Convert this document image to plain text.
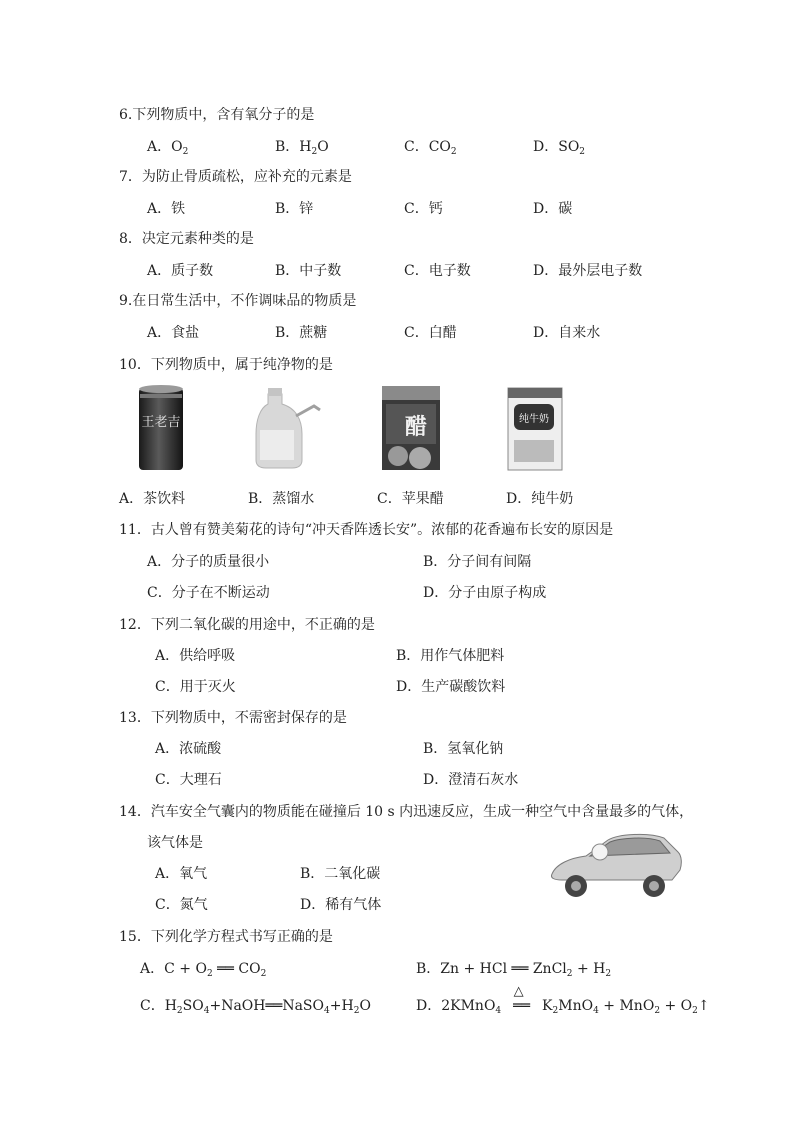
6.下列物质中，含有氧分子的是
A．$O_2$	B．$H_2O$	C．$CO_2$	D．$SO_2$
7．为防止骨质疏松，应补充的元素是
A．铁	B．锌	C．钙	D．碳
8．决定元素种类的是
A．质子数	B．中子数	C．电子数	D．最外层电子数
9.在日常生活中，不作调味品的物质是
A．食盐	B．蔗糖	C．白醋	D．自来水
10．下列物质中，属于纯净物的是
王老吉	醋	纯牛奶
A．茶饮料	B．蒸馏水	C．苹果醋	D．纯牛奶
11．古人曾有赞美菊花的诗句“冲天香阵透长安”。浓郁的花香遍布长安的原因是
A．分子的质量很小	B．分子间有间隔
C．分子在不断运动	D．分子由原子构成
12．下列二氧化碳的用途中，不正确的是
A．供给呼吸	B．用作气体肥料
C．用于灭火	D．生产碳酸饮料
13．下列物质中，不需密封保存的是
A．浓硫酸	B．氢氧化钠
C．大理石	D．澄清石灰水
14．汽车安全气囊内的物质能在碰撞后 10 s 内迅速反应，生成一种空气中含量最多的气体，
该气体是
A．氧气	B．二氧化碳
C．氮气	D．稀有气体
15．下列化学方程式书写正确的是
A．$C + O_2$ ══ $CO_2$	B．Zn + HCl ══ ZnCl$_2$ + $H_2$
C．$H_2SO_4+NaOH══NaSO_4+H_2O$	D．2KMnO$_4$
△
══ $K_2MnO_4 + MnO_2$ + $O_2↑$
